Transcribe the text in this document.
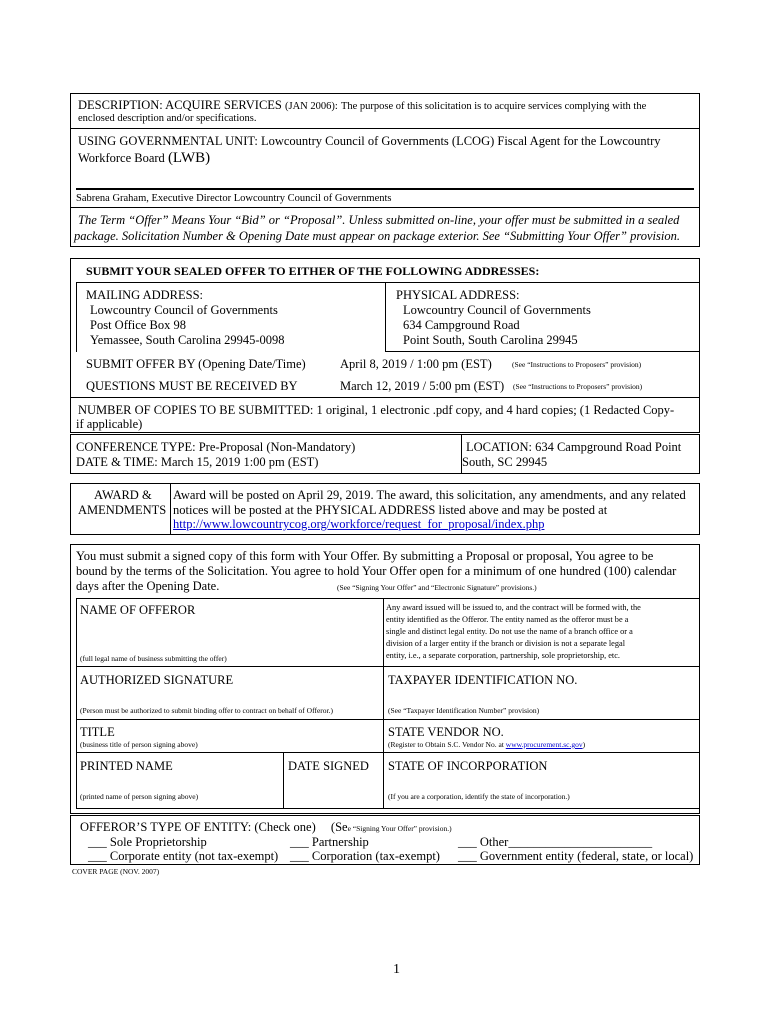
DESCRIPTION: ACQUIRE SERVICES (JAN 2006): The purpose of this solicitation is to acquire services complying with the
enclosed description and/or specifications.
USING GOVERNMENTAL UNIT: Lowcountry Council of Governments (LCOG) Fiscal Agent for the Lowcountry
Workforce Board (LWB)
Sabrena Graham, Executive Director Lowcountry Council of Governments
The Term “Offer” Means Your “Bid” or “Proposal”. Unless submitted on-line, your offer must be submitted in a sealed
package. Solicitation Number & Opening Date must appear on package exterior. See “Submitting Your Offer” provision.
SUBMIT YOUR SEALED OFFER TO EITHER OF THE FOLLOWING ADDRESSES:
MAILING ADDRESS:
Lowcountry Council of Governments
Post Office Box 98
Yemassee, South Carolina 29945-0098
PHYSICAL ADDRESS:
Lowcountry Council of Governments
634 Campground Road
Point South, South Carolina 29945
SUBMIT OFFER BY (Opening Date/Time)	April 8, 2019 / 1:00 pm (EST)	(See “Instructions to Proposers” provision)
QUESTIONS MUST BE RECEIVED BY	March 12, 2019 / 5:00 pm (EST) (See “Instructions to Proposers” provision)
NUMBER OF COPIES TO BE SUBMITTED: 1 original, 1 electronic .pdf copy, and 4 hard copies; (1 Redacted Copy-
if applicable)
CONFERENCE TYPE: Pre-Proposal (Non-Mandatory)
DATE & TIME: March 15, 2019 1:00 pm (EST)
LOCATION: 634 Campground Road Point
South, SC 29945
AWARD &
AMENDMENTS
Award will be posted on April 29, 2019. The award, this solicitation, any amendments, and any related
notices will be posted at the PHYSICAL ADDRESS listed above and may be posted at
http://www.lowcountrycog.org/workforce/request_for_proposal/index.php
You must submit a signed copy of this form with Your Offer. By submitting a Proposal or proposal, You agree to be
bound by the terms of the Solicitation. You agree to hold Your Offer open for a minimum of one hundred (100) calendar
days after the Opening Date.	(See “Signing Your Offer” and “Electronic Signature” provisions.)
NAME OF OFFEROR
(full legal name of business submitting the offer)
Any award issued will be issued to, and the contract will be formed with, the
entity identified as the Offeror. The entity named as the offeror must be a
single and distinct legal entity. Do not use the name of a branch office or a
division of a larger entity if the branch or division is not a separate legal
entity, i.e., a separate corporation, partnership, sole proprietorship, etc.
AUTHORIZED SIGNATURE
(Person must be authorized to submit binding offer to contract on behalf of Offeror.)
TAXPAYER IDENTIFICATION NO.
(See “Taxpayer Identification Number” provision)
TITLE
(business title of person signing above)
STATE VENDOR NO.
(Register to Obtain S.C. Vendor No. at www.procurement.sc.gov)
PRINTED NAME
(printed name of person signing above)
DATE SIGNED STATE OF INCORPORATION
(If you are a corporation, identify the state of incorporation.)
OFFEROR’S TYPE OF ENTITY: (Check one) (See “Signing Your Offer” provision.)
___ Sole Proprietorship	___ Partnership	___ Other_______________________
___ Corporate entity (not tax-exempt) ___ Corporation (tax-exempt) ___ Government entity (federal, state, or local)
COVER PAGE (NOV. 2007)
1
